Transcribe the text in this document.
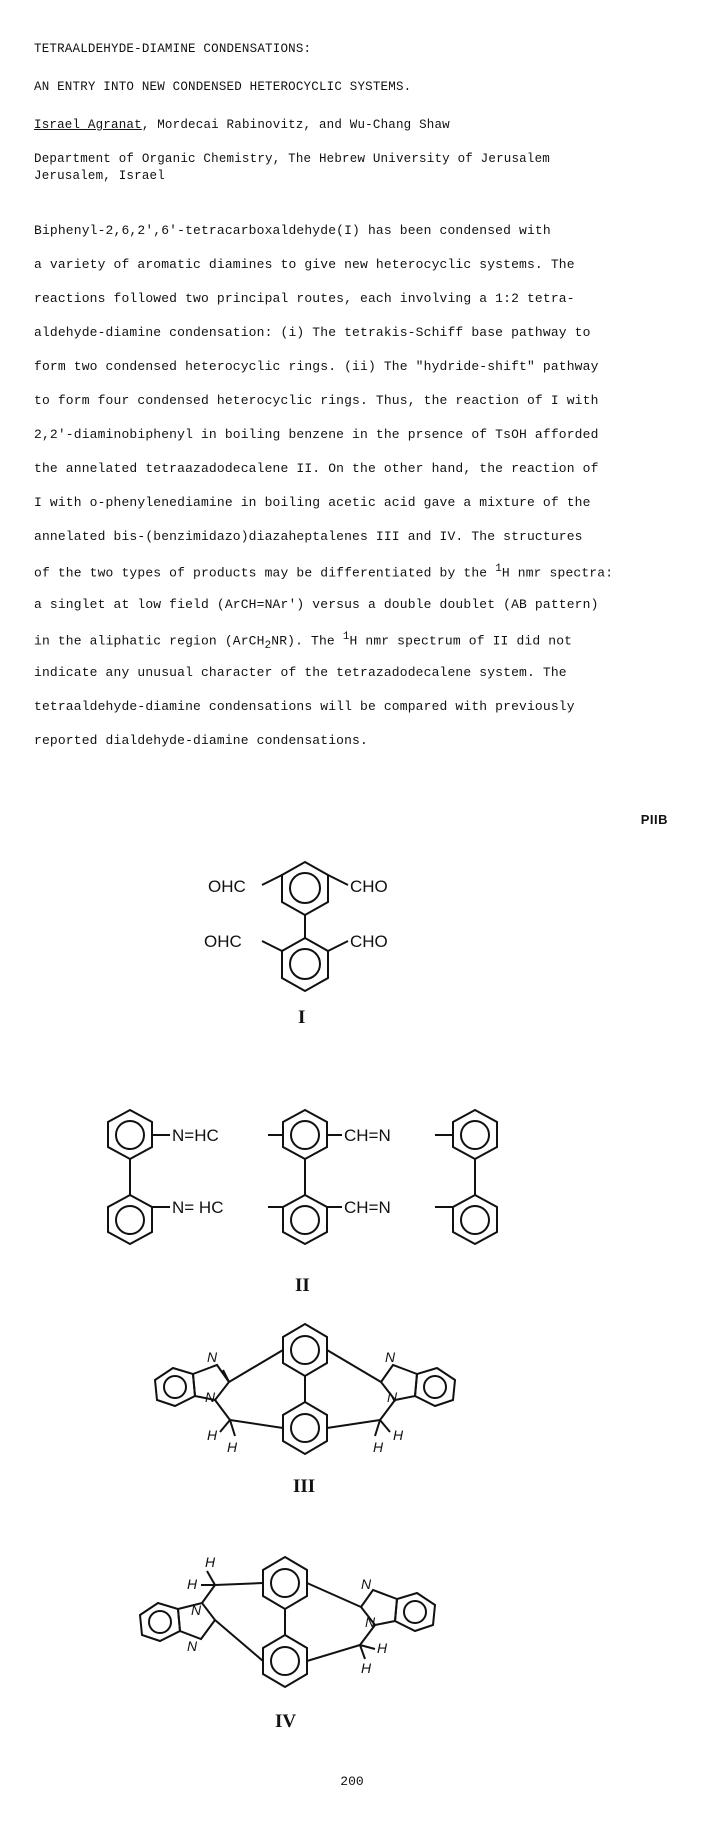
TETRAALDEHYDE-DIAMINE CONDENSATIONS:
AN ENTRY INTO NEW CONDENSED HETEROCYCLIC SYSTEMS.
Israel Agranat, Mordecai Rabinovitz, and Wu-Chang Shaw
Department of Organic Chemistry, The Hebrew University of Jerusalem
Jerusalem, Israel
Biphenyl-2,6,2',6'-tetracarboxaldehyde(I) has been condensed with
a variety of aromatic diamines to give new heterocyclic systems. The
reactions followed two principal routes, each involving a 1:2 tetra-
aldehyde-diamine condensation: (i) The tetrakis-Schiff base pathway to
form two condensed heterocyclic rings. (ii) The "hydride-shift" pathway
to form four condensed heterocyclic rings. Thus, the reaction of I with
2,2'-diaminobiphenyl in boiling benzene in the prsence of TsOH afforded
the annelated tetraazadodecalene II. On the other hand, the reaction of
I with o-phenylenediamine in boiling acetic acid gave a mixture of the
annelated bis-(benzimidazo)diazaheptalenes III and IV. The structures
of the two types of products may be differentiated by the $^1$H nmr spectra:
a singlet at low field (ArCH=NAr') versus a double doublet (AB pattern)
in the aliphatic region (ArCH$_2$NR). The $^1$H nmr spectrum of II did not
indicate any unusual character of the tetrazadodecalene system. The
tetraaldehyde-diamine condensations will be compared with previously
reported dialdehyde-diamine condensations.
PIIB
OHC	CHO
OHC	CHO
I
N=HC	CH=N
N= HC	CH=N
II
N
N
N
N
H
H
H
H
III
H
H
N
N
N
N
H
H
IV
200
